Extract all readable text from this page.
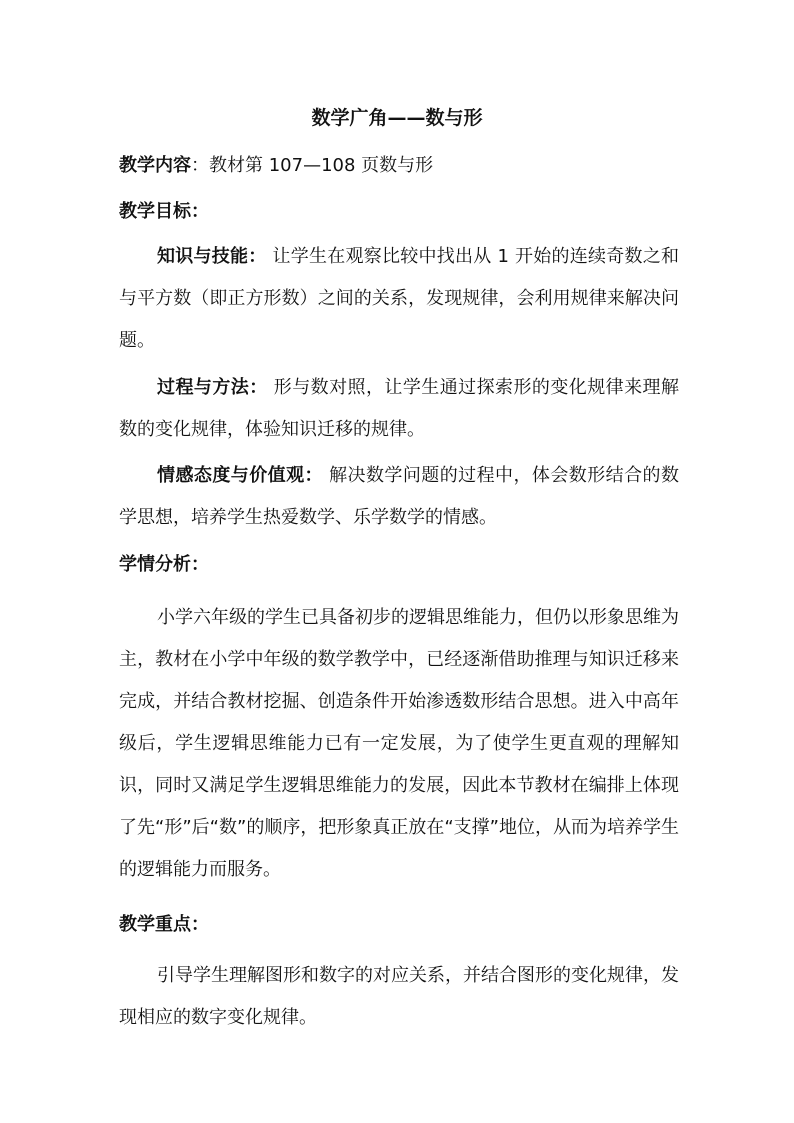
数学广角——数与形
教学内容：教材第 107—108 页数与形
教学目标：
知识与技能： 让学生在观察比较中找出从 1 开始的连续奇数之和与平方数（即正方形数）之间的关系，发现规律，会利用规律来解决问题。
过程与方法： 形与数对照，让学生通过探索形的变化规律来理解数的变化规律，体验知识迁移的规律。
情感态度与价值观： 解决数学问题的过程中，体会数形结合的数学思想，培养学生热爱数学、乐学数学的情感。
学情分析：
小学六年级的学生已具备初步的逻辑思维能力，但仍以形象思维为主，教材在小学中年级的数学教学中，已经逐渐借助推理与知识迁移来完成，并结合教材挖掘、创造条件开始渗透数形结合思想。进入中高年级后，学生逻辑思维能力已有一定发展，为了使学生更直观的理解知识，同时又满足学生逻辑思维能力的发展，因此本节教材在编排上体现了先“形”后“数”的顺序，把形象真正放在“支撑”地位，从而为培养学生的逻辑能力而服务。
教学重点：
引导学生理解图形和数字的对应关系，并结合图形的变化规律，发现相应的数字变化规律。
